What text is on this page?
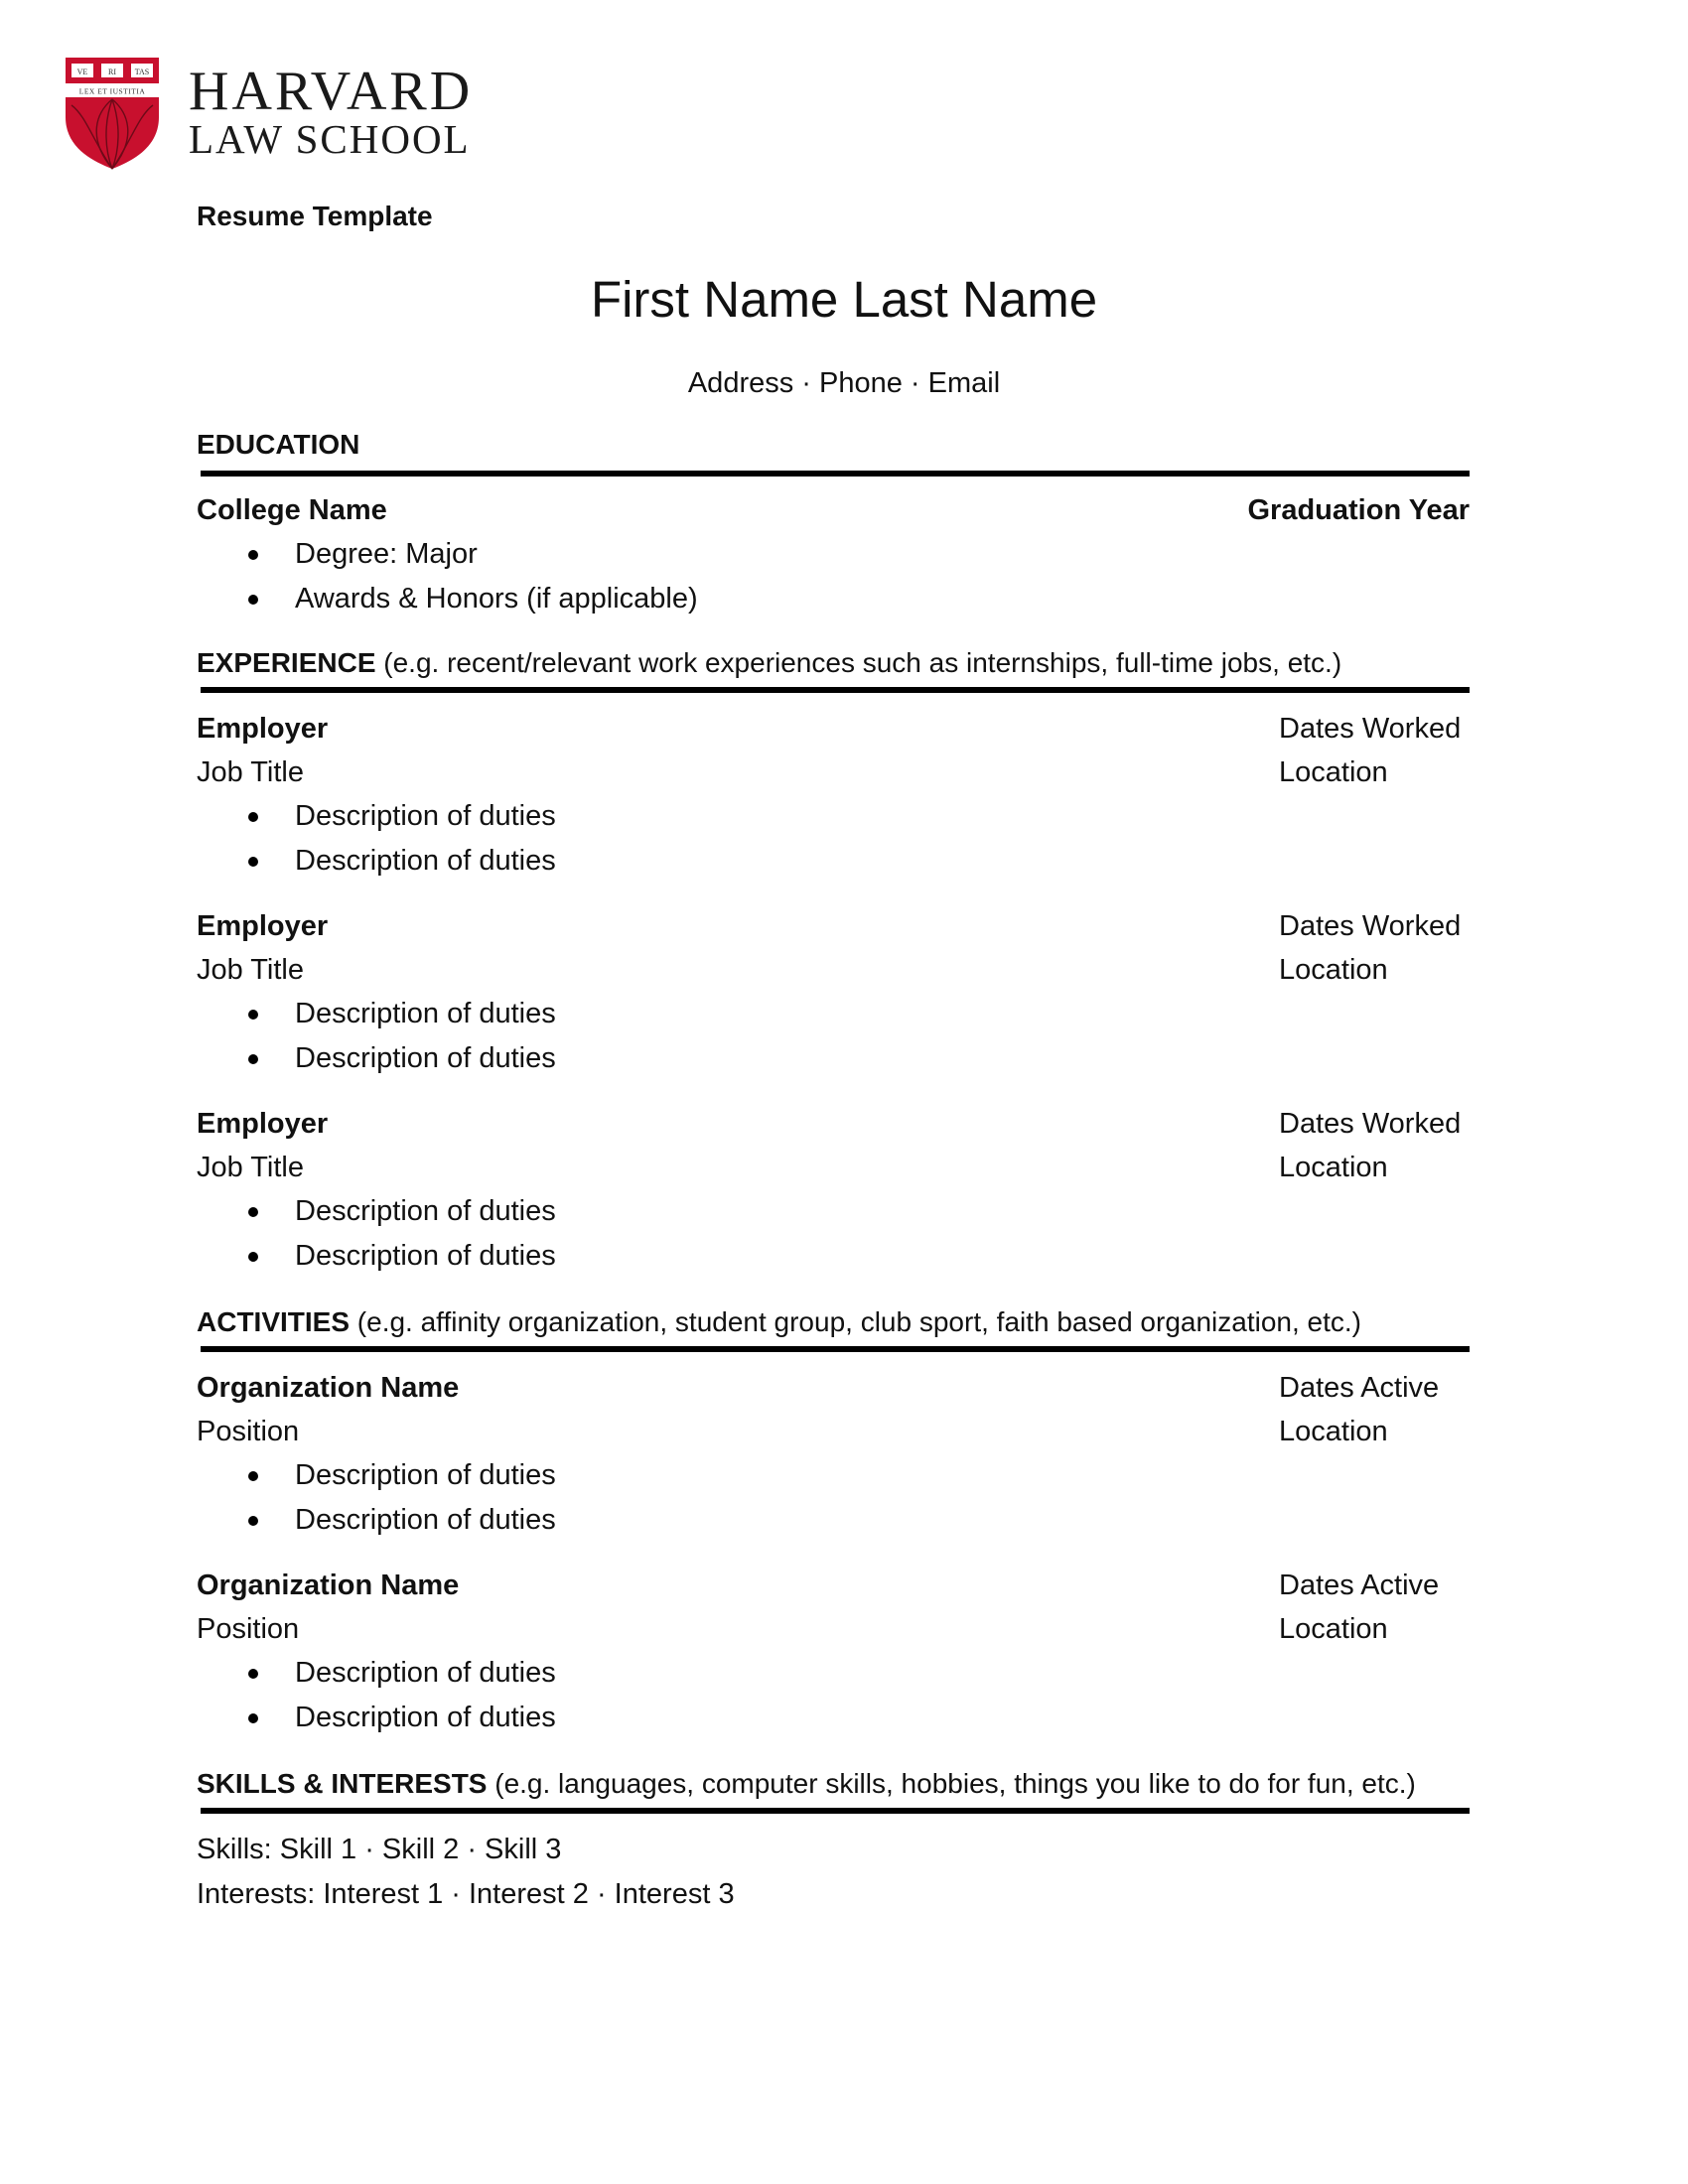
VE	RI TAS
LEX ET IUSTITIA HARVARD
LAW SCHOOL
Resume Template
First Name Last Name
Address · Phone · Email
EDUCATION
College Name	Graduation Year
Degree: Major
Awards & Honors (if applicable)
EXPERIENCE (e.g. recent/relevant work experiences such as internships, full-time jobs, etc.)
Employer	Dates Worked
Job Title	Location
Description of duties
Description of duties
Employer	Dates Worked
Job Title	Location
Description of duties
Description of duties
Employer	Dates Worked
Job Title	Location
Description of duties
Description of duties
ACTIVITIES (e.g. affinity organization, student group, club sport, faith based organization, etc.)
Organization Name	Dates Active
Position	Location
Description of duties
Description of duties
Organization Name	Dates Active
Position	Location
Description of duties
Description of duties
SKILLS & INTERESTS (e.g. languages, computer skills, hobbies, things you like to do for fun, etc.)
Skills: Skill 1 · Skill 2 · Skill 3
Interests: Interest 1 · Interest 2 · Interest 3
